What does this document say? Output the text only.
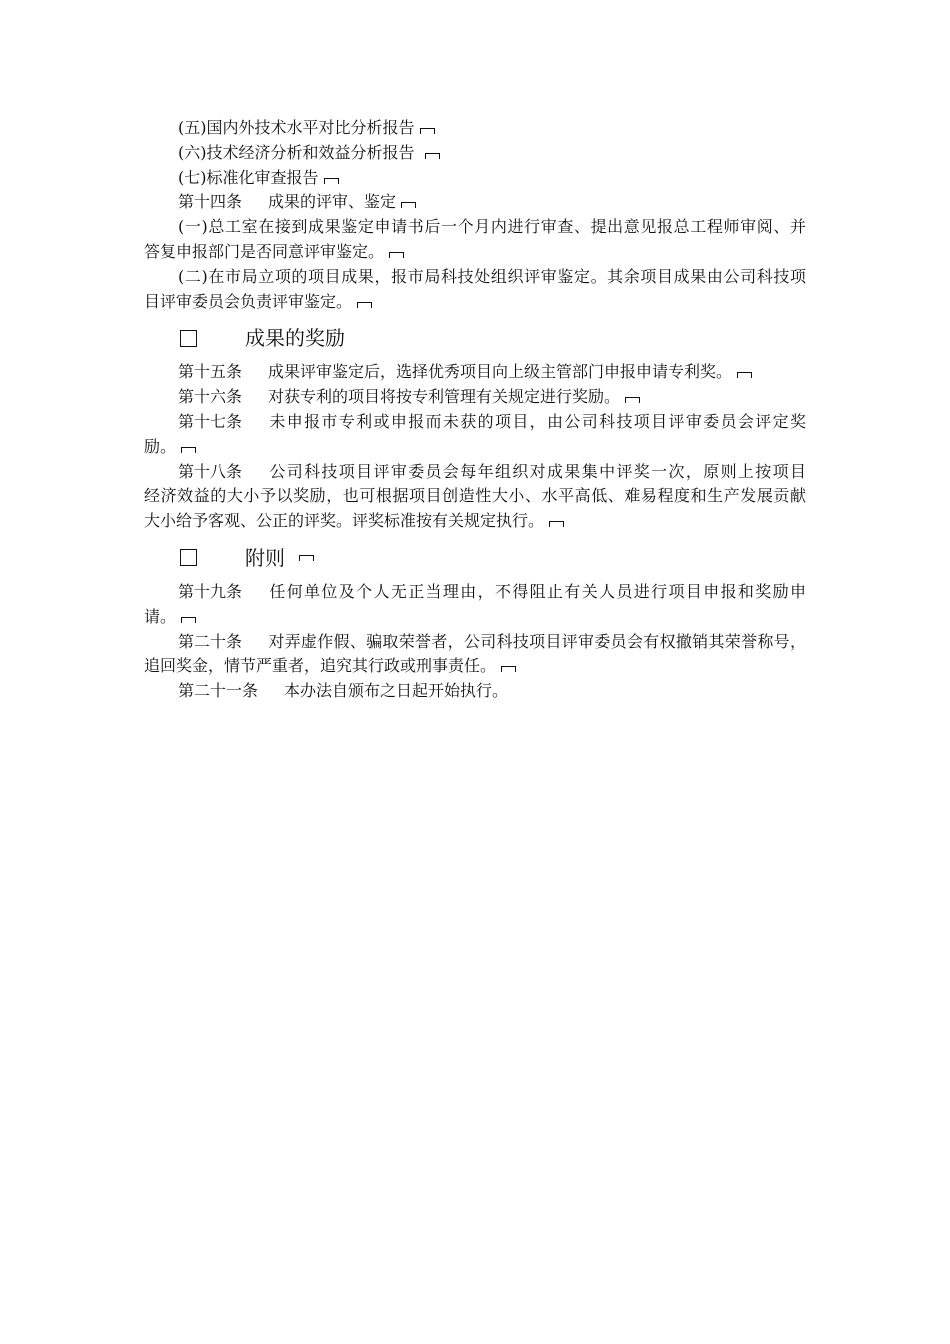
(五)国内外技术水平对比分析报告
(六)技术经济分析和效益分析报告
(七)标准化审查报告
第十四条 成果的评审、鉴定
(一)总工室在接到成果鉴定申请书后一个月内进行审查、提出意见报总工程师审阅、并
答复申报部门是否同意评审鉴定。
(二)在市局立项的项目成果，报市局科技处组织评审鉴定。其余项目成果由公司科技项
目评审委员会负责评审鉴定。
成果的奖励
第十五条 成果评审鉴定后，选择优秀项目向上级主管部门申报申请专利奖。
第十六条 对获专利的项目将按专利管理有关规定进行奖励。
第十七条 未申报市专利或申报而未获的项目，由公司科技项目评审委员会评定奖
励。
第十八条 公司科技项目评审委员会每年组织对成果集中评奖一次，原则上按项目
经济效益的大小予以奖励，也可根据项目创造性大小、水平高低、难易程度和生产发展贡献
大小给予客观、公正的评奖。评奖标准按有关规定执行。
附则
第十九条 任何单位及个人无正当理由，不得阻止有关人员进行项目申报和奖励申
请。
第二十条 对弄虚作假、骗取荣誉者，公司科技项目评审委员会有权撤销其荣誉称号，
追回奖金，情节严重者，追究其行政或刑事责任。
第二十一条 本办法自颁布之日起开始执行。
